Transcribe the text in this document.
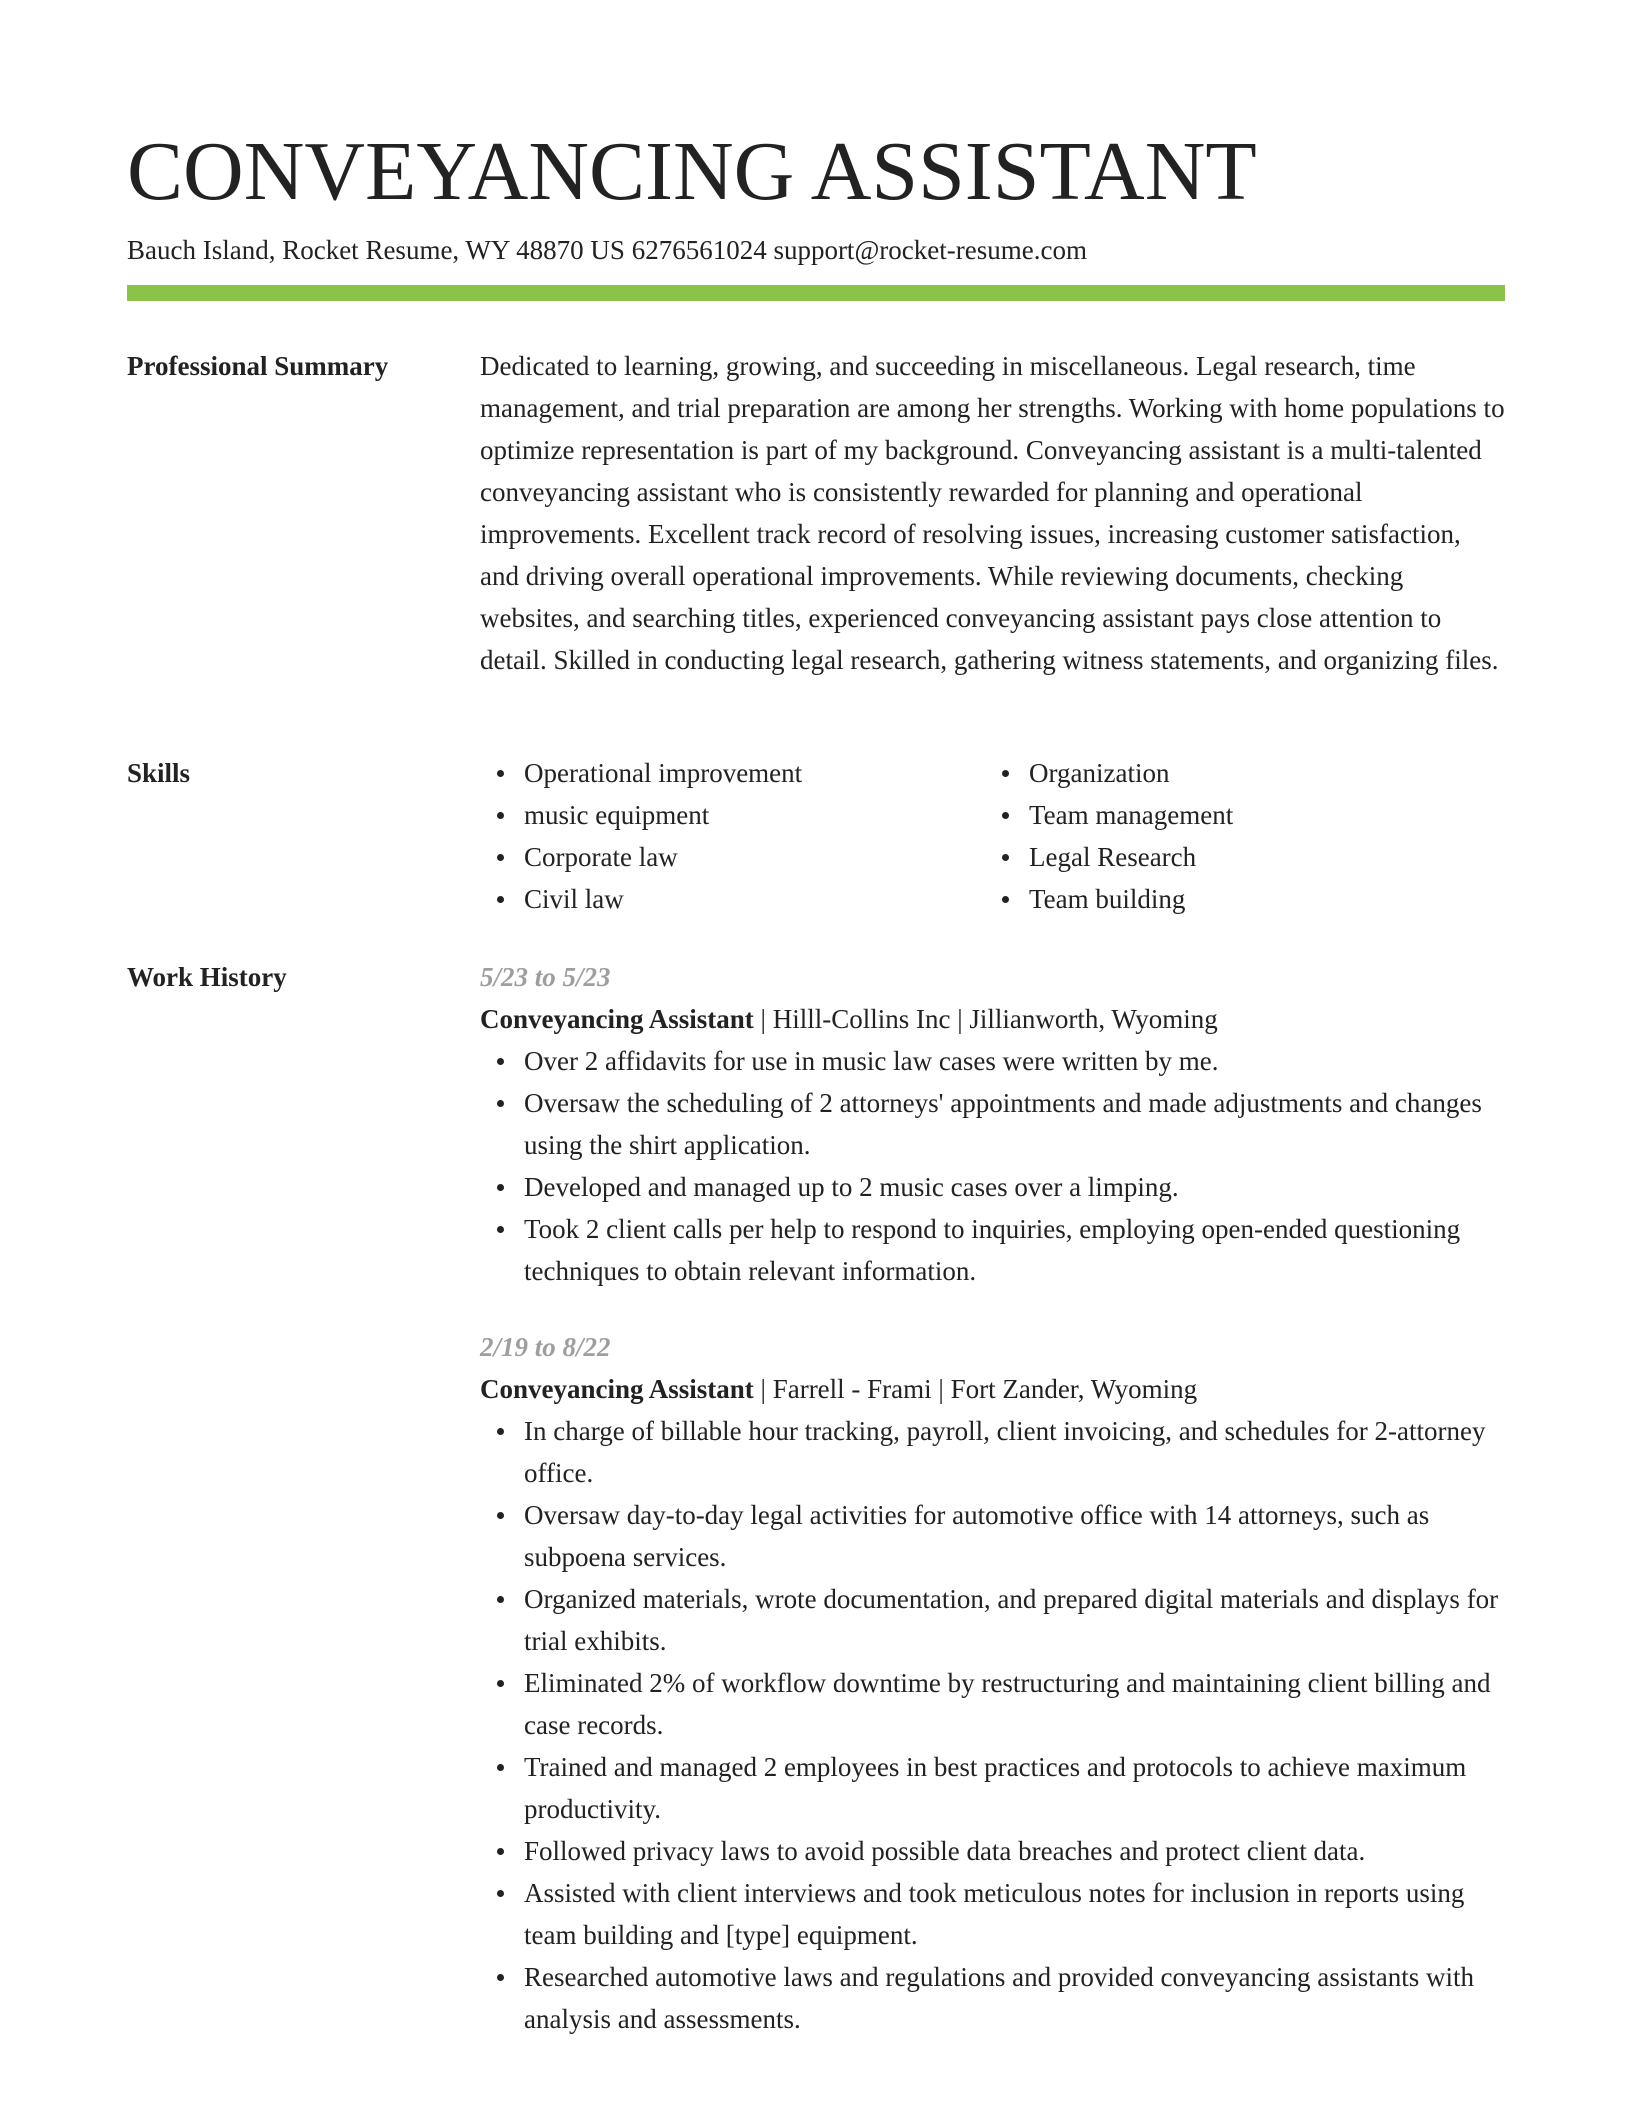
CONVEYANCING ASSISTANT
Bauch Island, Rocket Resume, WY 48870 US 6276561024 support@rocket-resume.com
Professional Summary	Dedicated to learning, growing, and succeeding in miscellaneous. Legal research, time management, and trial preparation are among her strengths. Working with home populations to optimize representation is part of my background. Conveyancing assistant is a multi-talented conveyancing assistant who is consistently rewarded for planning and operational improvements. Excellent track record of resolving issues, increasing customer satisfaction, and driving overall operational improvements. While reviewing documents, checking websites, and searching titles, experienced conveyancing assistant pays close attention to detail. Skilled in conducting legal research, gathering witness statements, and organizing files.

Skills	Operational improvement
music equipment
Corporate law
Civil law
Organization
Team management
Legal Research
Team building
Work History	5/23 to 5/23
Conveyancing Assistant | Hilll-Collins Inc | Jillianworth, Wyoming
Over 2 affidavits for use in music law cases were written by me.
Oversaw the scheduling of 2 attorneys' appointments and made adjustments and changes using the shirt application.
Developed and managed up to 2 music cases over a limping.
Took 2 client calls per help to respond to inquiries, employing open-ended questioning techniques to obtain relevant information.
2/19 to 8/22
Conveyancing Assistant | Farrell - Frami | Fort Zander, Wyoming
In charge of billable hour tracking, payroll, client invoicing, and schedules for 2-attorney office.
Oversaw day-to-day legal activities for automotive office with 14 attorneys, such as subpoena services.
Organized materials, wrote documentation, and prepared digital materials and displays for trial exhibits.
Eliminated 2% of workflow downtime by restructuring and maintaining client billing and case records.
Trained and managed 2 employees in best practices and protocols to achieve maximum productivity.
Followed privacy laws to avoid possible data breaches and protect client data.
Assisted with client interviews and took meticulous notes for inclusion in reports using team building and [type] equipment.
Researched automotive laws and regulations and provided conveyancing assistants with analysis and assessments.
